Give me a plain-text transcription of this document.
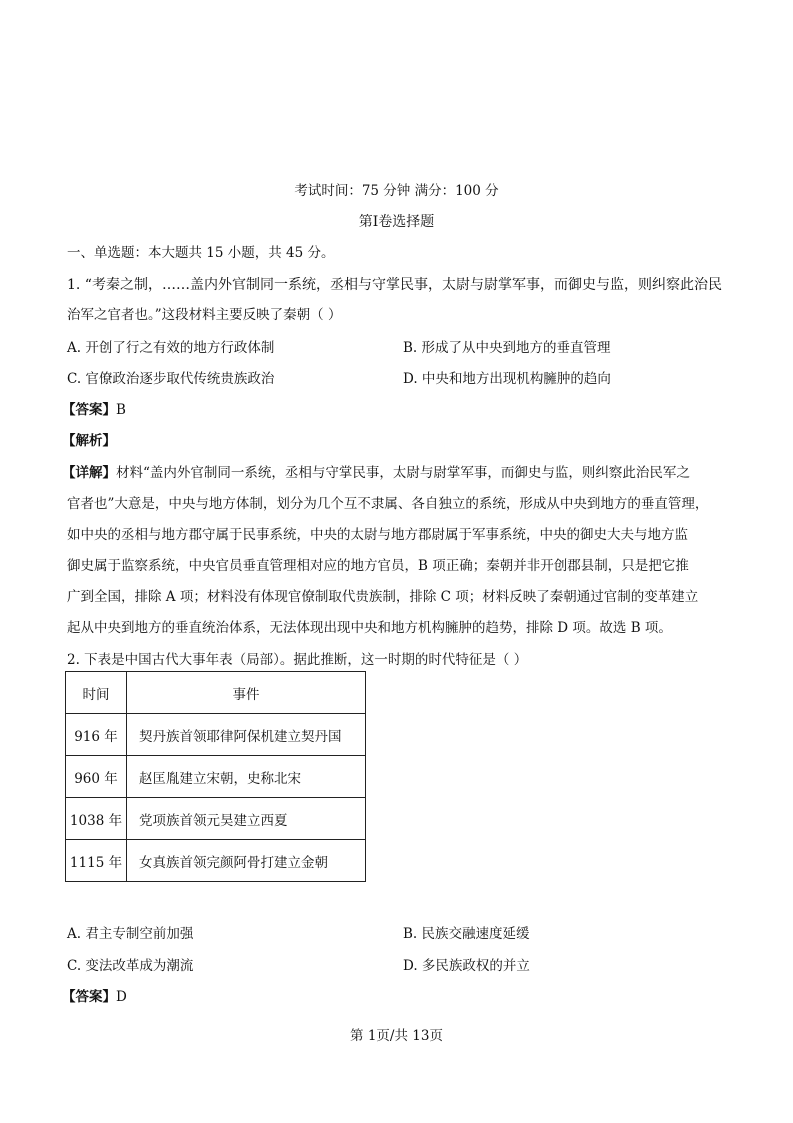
考试时间：75 分钟 满分：100 分
第Ⅰ卷选择题
一、单选题：本大题共 15 小题，共 45 分。
1. “考秦之制，……盖内外官制同一系统，丞相与守掌民事，太尉与尉掌军事，而御史与监，则纠察此治民
治军之官者也。”这段材料主要反映了秦朝（ ）
A. 开创了行之有效的地方行政体制	B. 形成了从中央到地方的垂直管理
C. 官僚政治逐步取代传统贵族政治	D. 中央和地方出现机构臃肿的趋向
【答案】B
【解析】
【详解】材料“盖内外官制同一系统，丞相与守掌民事，太尉与尉掌军事，而御史与监，则纠察此治民军之
官者也”大意是，中央与地方体制，划分为几个互不隶属、各自独立的系统，形成从中央到地方的垂直管理，
如中央的丞相与地方郡守属于民事系统，中央的太尉与地方郡尉属于军事系统，中央的御史大夫与地方监
御史属于监察系统，中央官员垂直管理相对应的地方官员，B 项正确；秦朝并非开创郡县制，只是把它推
广到全国，排除 A 项；材料没有体现官僚制取代贵族制，排除 C 项；材料反映了秦朝通过官制的变革建立
起从中央到地方的垂直统治体系，无法体现出现中央和地方机构臃肿的趋势，排除 D 项。故选 B 项。
2. 下表是中国古代大事年表（局部）。据此推断，这一时期的时代特征是（ ）
时间	事件
916 年	契丹族首领耶律阿保机建立契丹国
960 年	赵匡胤建立宋朝，史称北宋
1038 年	党项族首领元昊建立西夏
1115 年	女真族首领完颜阿骨打建立金朝
A. 君主专制空前加强	B. 民族交融速度延缓
C. 变法改革成为潮流	D. 多民族政权的并立
【答案】D
第 1页/共 13页
